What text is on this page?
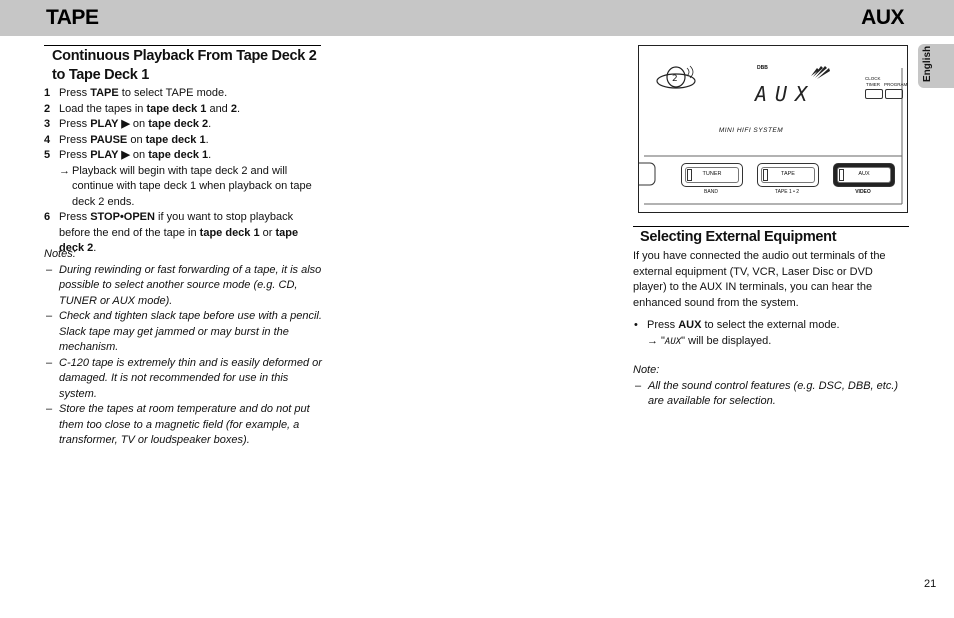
TAPE	AUX
English
Continuous Playback From Tape Deck 2
to Tape Deck 1
1 Press TAPE to select TAPE mode.
2 Load the tapes in tape deck 1 and 2.
3 Press PLAY ▶ on tape deck 2.
4 Press PAUSE on tape deck 1.
5 Press PLAY ▶ on tape deck 1.
→ Playback will begin with tape deck 2 and will continue with tape deck 1 when playback on tape deck 2 ends.
6 Press STOP•OPEN if you want to stop playback before the end of the tape in tape deck 1 or tape deck 2.
Notes:
– During rewinding or fast forwarding of a tape, it is also possible to select another source mode (e.g. CD, TUNER or AUX mode).
– Check and tighten slack tape before use with a pencil. Slack tape may get jammed or may burst in the mechanism.
– C-120 tape is extremely thin and is easily deformed or damaged. It is not recommended for use in this system.
– Store the tapes at room temperature and do not put them too close to a magnetic field (for example, a transformer, TV or loudspeaker boxes).
2
DBB
AUX
CLOCK
TIMER PROGRAM
MINI HIFI SYSTEM
TUNER
BAND
TAPE
TAPE 1 • 2
AUX
VIDEO
Selecting External Equipment
If you have connected the audio out terminals of the external equipment (TV, VCR, Laser Disc or DVD player) to the AUX IN terminals, you can hear the enhanced sound from the system.
• Press AUX to select the external mode.
→ "AUX" will be displayed.
Note:
– All the sound control features (e.g. DSC, DBB, etc.) are available for selection.
21
